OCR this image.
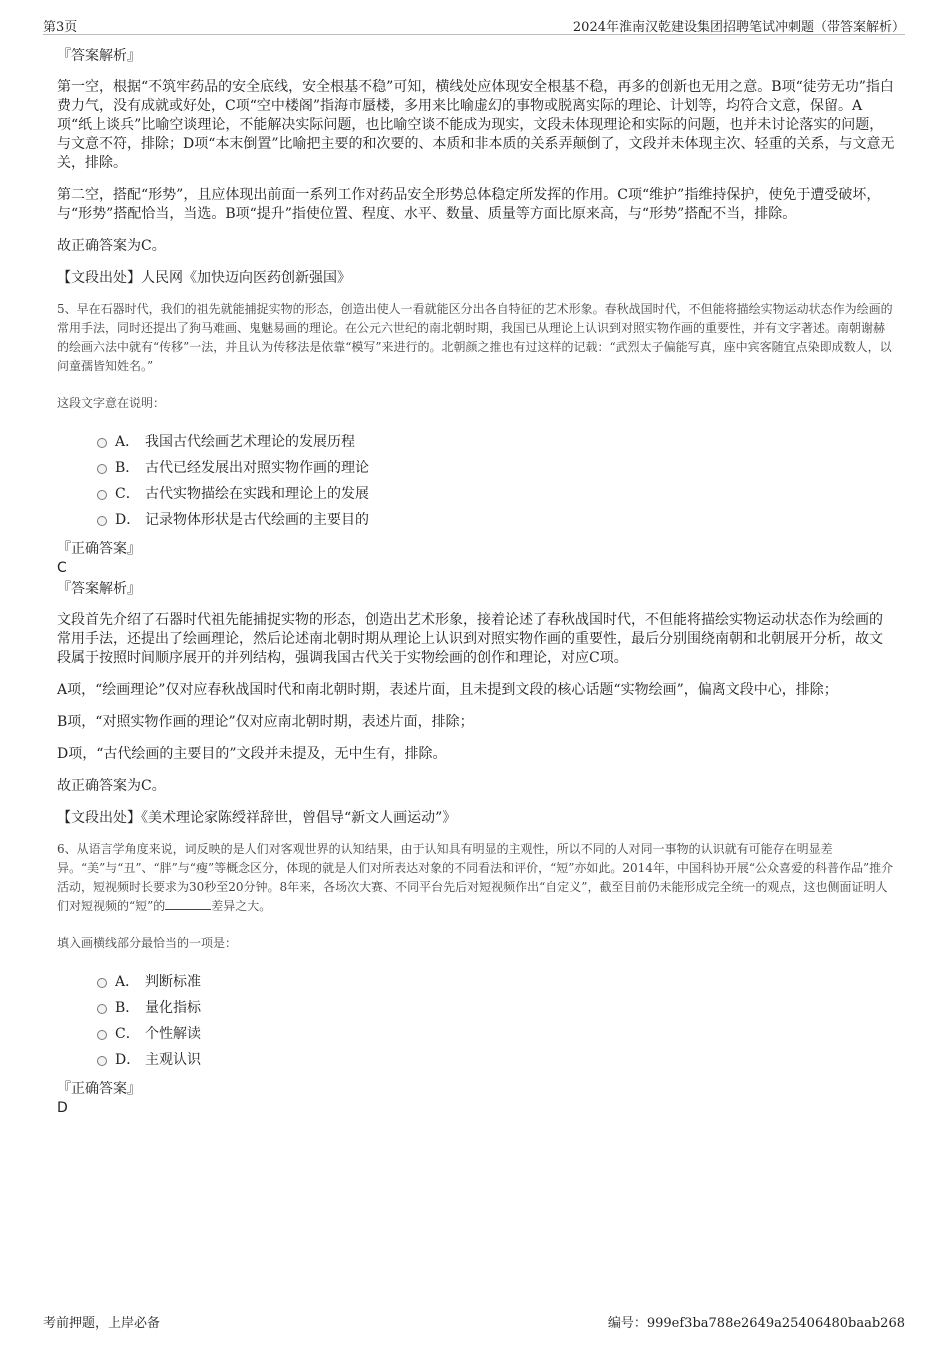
第3页	2024年淮南汉乾建设集团招聘笔试冲刺题（带答案解析）

『答案解析』

第一空，根据“不筑牢药品的安全底线，安全根基不稳”可知，横线处应体现安全根基不稳，再多的创新也无用之意。B项“徒劳无功”指白费力气，没有成就或好处，C项“空中楼阁”指海市蜃楼，多用来比喻虚幻的事物或脱离实际的理论、计划等，均符合文意，保留。A项“纸上谈兵”比喻空谈理论，不能解决实际问题，也比喻空谈不能成为现实，文段未体现理论和实际的问题，也并未讨论落实的问题，与文意不符，排除；D项“本末倒置”比喻把主要的和次要的、本质和非本质的关系弄颠倒了，文段并未体现主次、轻重的关系，与文意无关，排除。

第二空，搭配“形势”，且应体现出前面一系列工作对药品安全形势总体稳定所发挥的作用。C项“维护”指维持保护，使免于遭受破坏，与“形势”搭配恰当，当选。B项“提升”指使位置、程度、水平、数量、质量等方面比原来高，与“形势”搭配不当，排除。

故正确答案为C。

【文段出处】人民网《加快迈向医药创新强国》

5、早在石器时代，我们的祖先就能捕捉实物的形态，创造出使人一看就能区分出各自特征的艺术形象。春秋战国时代，不但能将描绘实物运动状态作为绘画的常用手法，同时还提出了狗马难画、鬼魅易画的理论。在公元六世纪的南北朝时期，我国已从理论上认识到对照实物作画的重要性，并有文字著述。南朝谢赫的绘画六法中就有“传移”一法，并且认为传移法是依靠“模写”来进行的。北朝颜之推也有过这样的记载：“武烈太子偏能写真，座中宾客随宜点染即成数人，以问童孺皆知姓名。”

这段文字意在说明：

A． 我国古代绘画艺术理论的发展历程
B． 古代已经发展出对照实物作画的理论
C． 古代实物描绘在实践和理论上的发展
D． 记录物体形状是古代绘画的主要目的

『正确答案』

C

『答案解析』

文段首先介绍了石器时代祖先能捕捉实物的形态，创造出艺术形象，接着论述了春秋战国时代，不但能将描绘实物运动状态作为绘画的常用手法，还提出了绘画理论，然后论述南北朝时期从理论上认识到对照实物作画的重要性，最后分别围绕南朝和北朝展开分析，故文段属于按照时间顺序展开的并列结构，强调我国古代关于实物绘画的创作和理论，对应C项。

A项，“绘画理论”仅对应春秋战国时代和南北朝时期，表述片面，且未提到文段的核心话题“实物绘画”，偏离文段中心，排除；

B项，“对照实物作画的理论”仅对应南北朝时期，表述片面，排除；

D项，“古代绘画的主要目的”文段并未提及，无中生有，排除。

故正确答案为C。

【文段出处】《美术理论家陈绶祥辞世，曾倡导“新文人画运动”》

6、从语言学角度来说，词反映的是人们对客观世界的认知结果，由于认知具有明显的主观性，所以不同的人对同一事物的认识就有可能存在明显差异。“美”与“丑”、“胖”与“瘦”等概念区分，体现的就是人们对所表达对象的不同看法和评价，“短”亦如此。2014年，中国科协开展“公众喜爱的科普作品”推介活动，短视频时长要求为30秒至20分钟。8年来，各场次大赛、不同平台先后对短视频作出“自定义”，截至目前仍未能形成完全统一的观点，这也侧面证明人们对短视频的“短”的	差异之大。

填入画横线部分最恰当的一项是：

A． 判断标准
B． 量化指标
C． 个性解读
D． 主观认识

『正确答案』

D

考前押题，上岸必备	编号：999ef3ba788e2649a25406480baab268
